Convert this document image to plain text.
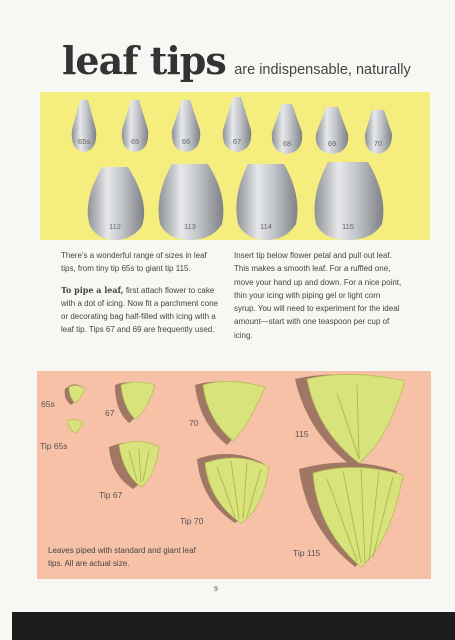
leaf tips are indispensable, naturally
65s	65	66	67	68	69	70
112	113	114	115

There’s a wonderful range of sizes in leaf tips, from tiny tip 65s to giant tip 115.

To pipe a leaf, first attach flower to cake with a dot of icing. Now fit a parchment cone or decorating bag half-filled with icing with a leaf tip. Tips 67 and 69 are frequently used.

Insert tip below flower petal and pull out leaf. This makes a smooth leaf. For a ruffled one, move your hand up and down. For a nice point, thin your icing with piping gel or light corn syrup. You will need to experiment for the ideal amount—start with one teaspoon per cup of icing.

65s
Tip 65s
67
Tip 67
70
Tip 70
115
Tip 115
Leaves piped with standard and giant leaf tips. All are actual size.
9
